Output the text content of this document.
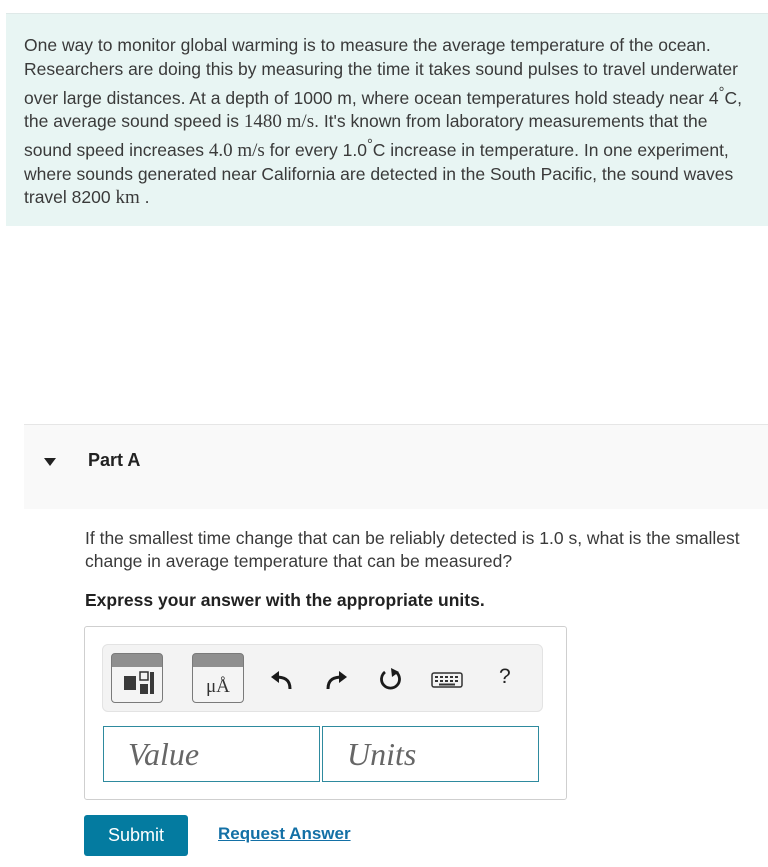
One way to monitor global warming is to measure the average temperature of the ocean. Researchers are doing this by measuring the time it takes sound pulses to travel underwater over large distances. At a depth of 1000 m, where ocean temperatures hold steady near 4°C, the average sound speed is 1480 m/s. It's known from laboratory measurements that the sound speed increases 4.0 m/s for every 1.0°C increase in temperature. In one experiment, where sounds generated near California are detected in the South Pacific, the sound waves travel 8200 km .
Part A
If the smallest time change that can be reliably detected is 1.0 s, what is the smallest change in average temperature that can be measured?
Express your answer with the appropriate units.
μÅ	?
Value	Units
Submit	Request Answer
